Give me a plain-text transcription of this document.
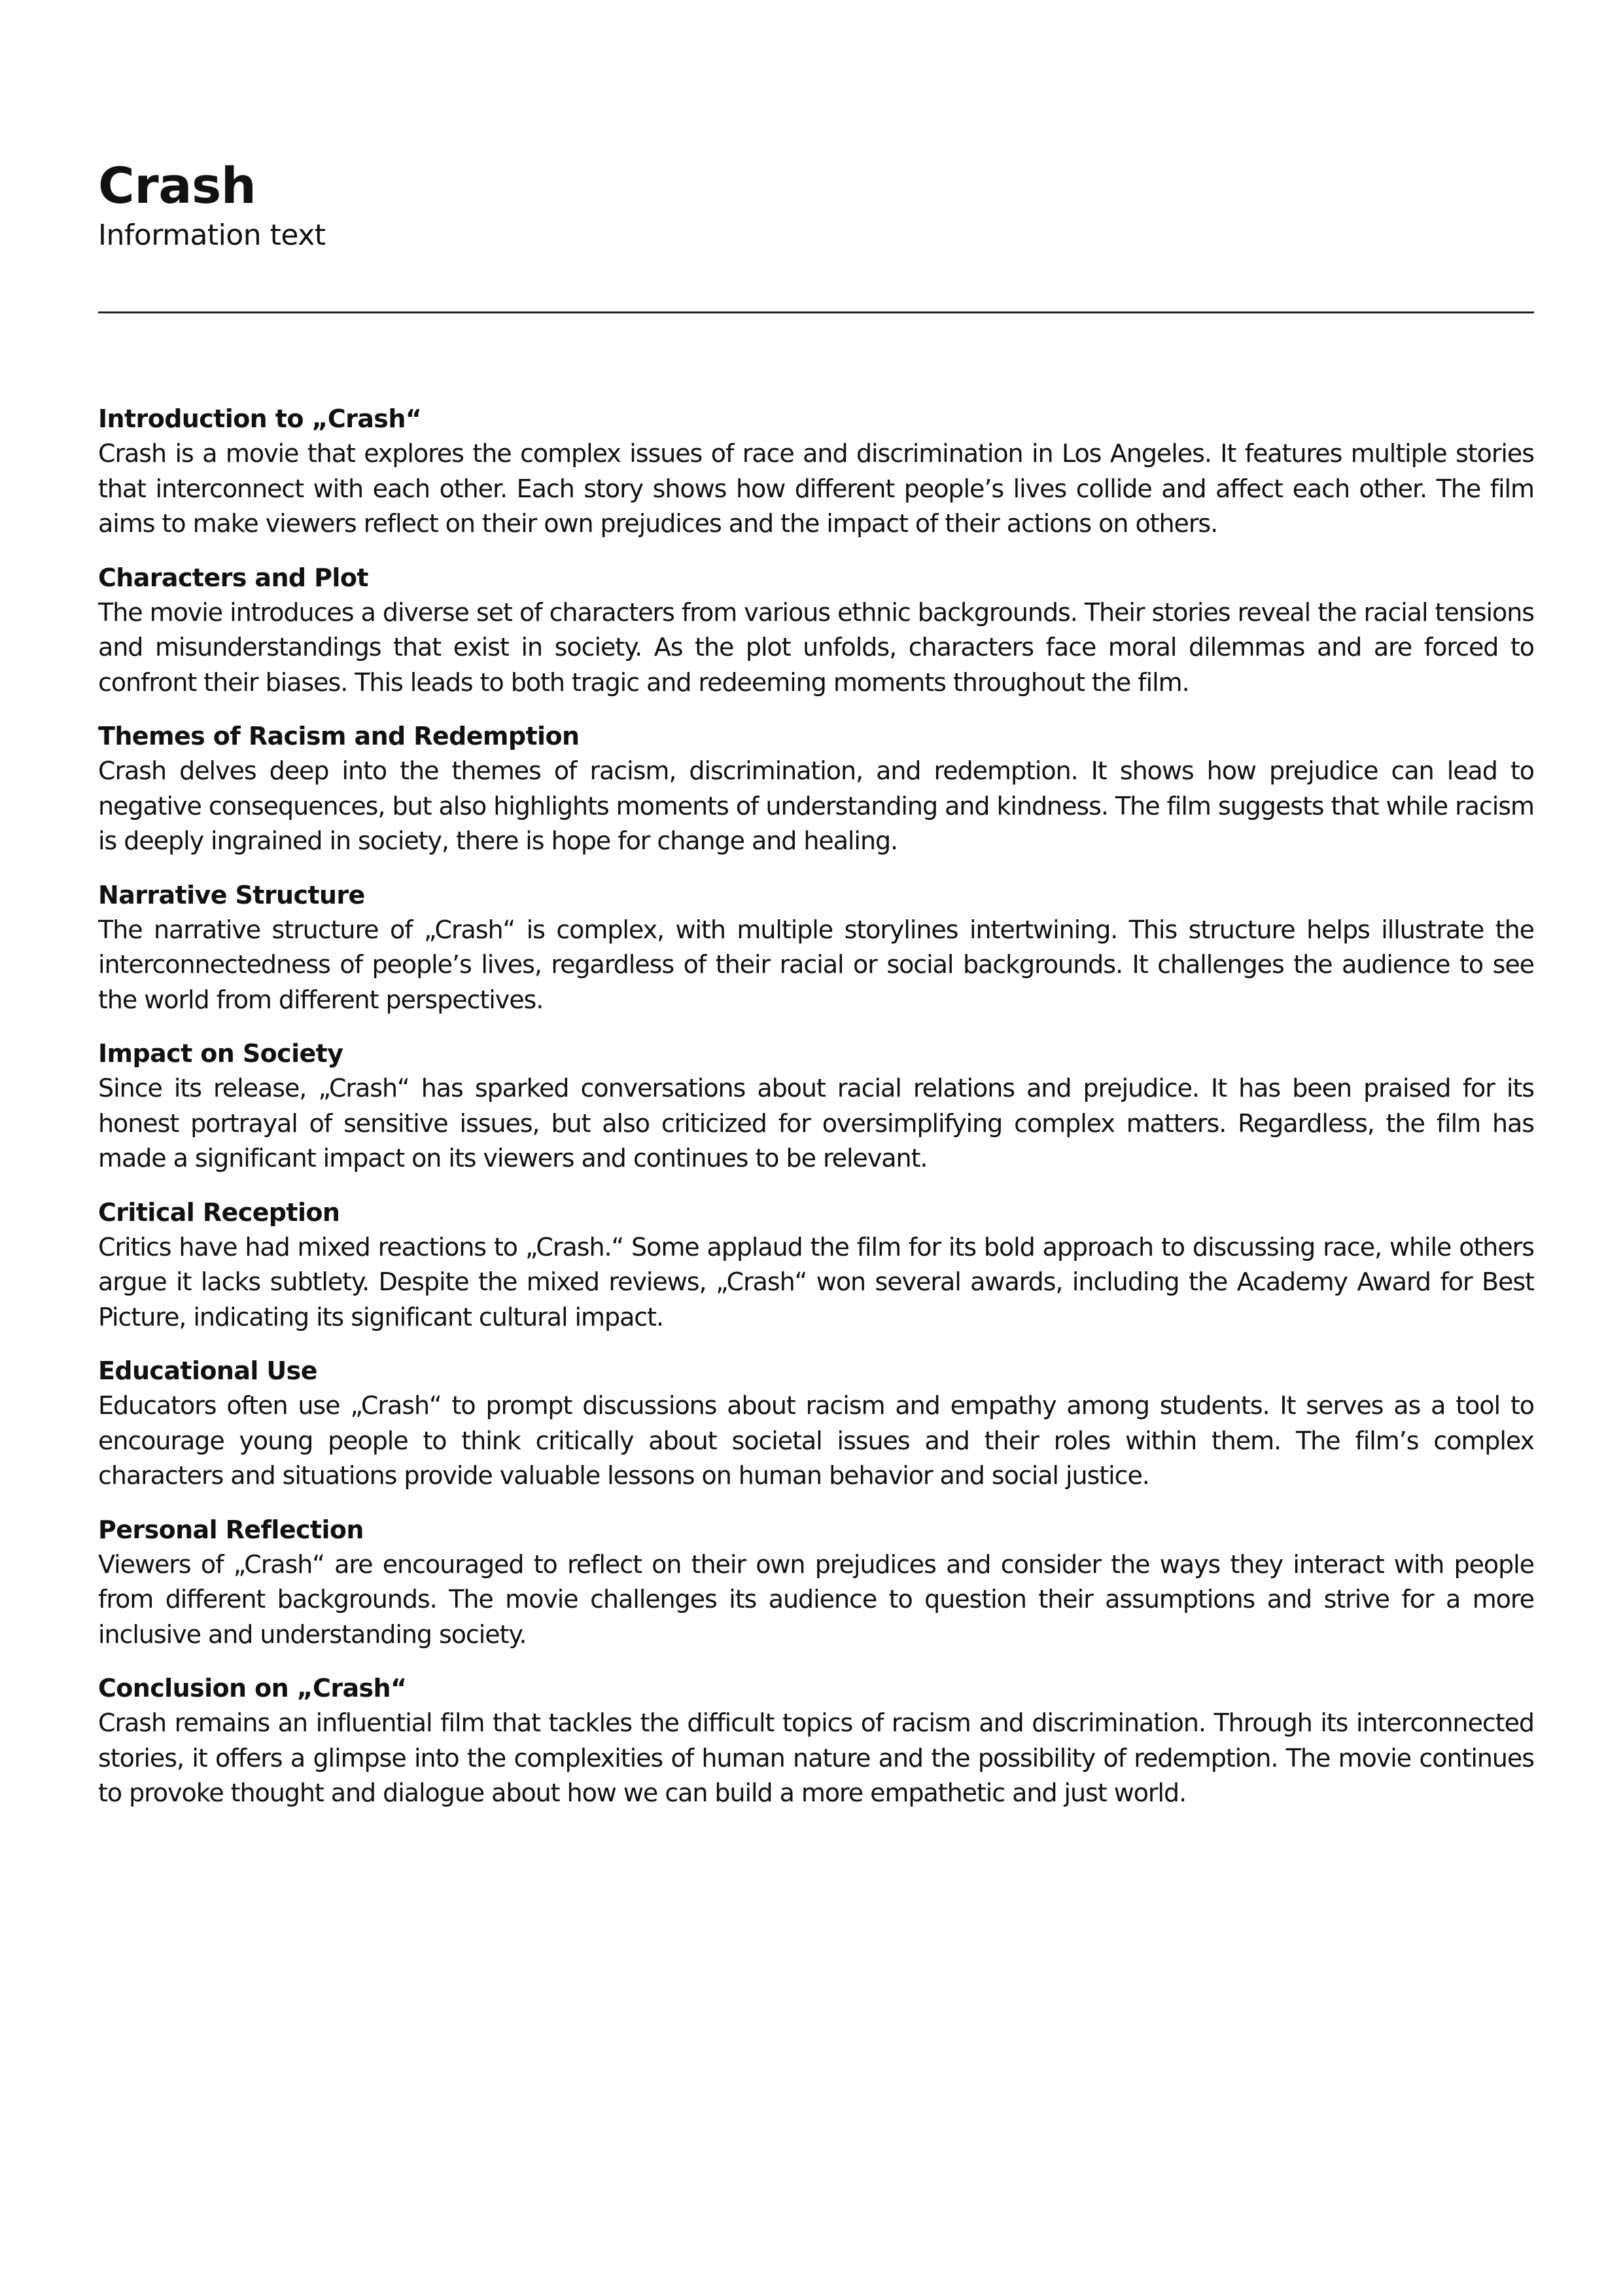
Crash

Information text

Introduction to „Crash“

Crash is a movie that explores the complex issues of race and discrimination in Los Angeles. It features multiple stories that interconnect with each other. Each story shows how different people’s lives collide and affect each other. The film aims to make viewers reflect on their own prejudices and the impact of their actions on others.

Characters and Plot

The movie introduces a diverse set of characters from various ethnic backgrounds. Their stories reveal the racial tensions and misunderstandings that exist in society. As the plot unfolds, characters face moral dilemmas and are forced to confront their biases. This leads to both tragic and redeeming moments throughout the film.

Themes of Racism and Redemption

Crash delves deep into the themes of racism, discrimination, and redemption. It shows how prejudice can lead to negative consequences, but also highlights moments of understanding and kindness. The film suggests that while racism is deeply ingrained in society, there is hope for change and healing.

Narrative Structure

The narrative structure of „Crash“ is complex, with multiple storylines intertwining. This structure helps illustrate the interconnectedness of people’s lives, regardless of their racial or social backgrounds. It challenges the audience to see the world from different perspectives.

Impact on Society

Since its release, „Crash“ has sparked conversations about racial relations and prejudice. It has been praised for its honest portrayal of sensitive issues, but also criticized for oversimplifying complex matters. Regardless, the film has made a significant impact on its viewers and continues to be relevant.

Critical Reception

Critics have had mixed reactions to „Crash.“ Some applaud the film for its bold approach to discussing race, while others argue it lacks subtlety. Despite the mixed reviews, „Crash“ won several awards, including the Academy Award for Best Picture, indicating its significant cultural impact.

Educational Use

Educators often use „Crash“ to prompt discussions about racism and empathy among students. It serves as a tool to encourage young people to think critically about societal issues and their roles within them. The film’s complex characters and situations provide valuable lessons on human behavior and social justice.

Personal Reflection

Viewers of „Crash“ are encouraged to reflect on their own prejudices and consider the ways they interact with people from different backgrounds. The movie challenges its audience to question their assumptions and strive for a more inclusive and understanding society.

Conclusion on „Crash“

Crash remains an influential film that tackles the difficult topics of racism and discrimination. Through its interconnected stories, it offers a glimpse into the complexities of human nature and the possibility of redemption. The movie continues to provoke thought and dialogue about how we can build a more empathetic and just world.
